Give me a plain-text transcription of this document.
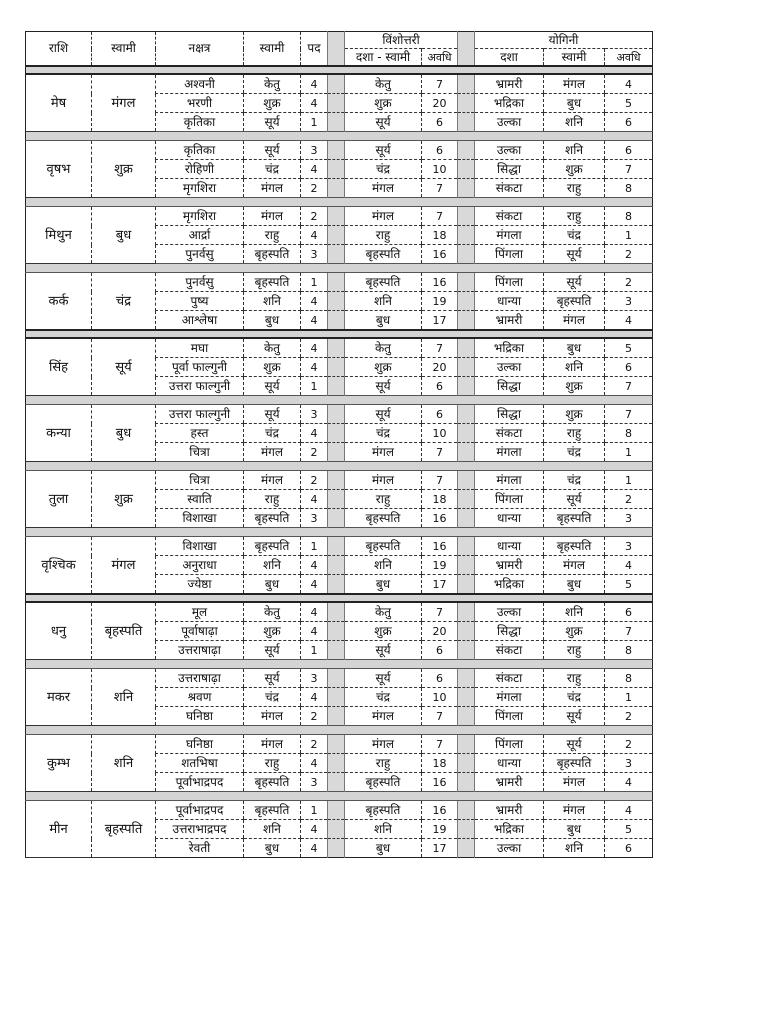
राशि	स्वामी	नक्षत्र	स्वामी	पद		विंशोत्तरी			योगिनी		
						दशा - स्वामी	अवधि		दशा	स्वामी	अवधि

मेष	मंगल	अश्वनी	केतु	4		केतु	7		भ्रामरी	मंगल	4
		भरणी	शुक्र	4		शुक्र	20		भद्रिका	बुध	5
		कृतिका	सूर्य	1		सूर्य	6		उल्का	शनि	6

वृषभ	शुक्र	कृतिका	सूर्य	3		सूर्य	6		उल्का	शनि	6
		रोहिणी	चंद्र	4		चंद्र	10		सिद्धा	शुक्र	7
		मृगशिरा	मंगल	2		मंगल	7		संकटा	राहु	8

मिथुन	बुध	मृगशिरा	मंगल	2		मंगल	7		संकटा	राहु	8
		आर्द्रा	राहु	4		राहु	18		मंगला	चंद्र	1
		पुनर्वसु	बृहस्पति	3		बृहस्पति	16		पिंगला	सूर्य	2

कर्क	चंद्र	पुनर्वसु	बृहस्पति	1		बृहस्पति	16		पिंगला	सूर्य	2
		पुष्य	शनि	4		शनि	19		धान्या	बृहस्पति	3
		आश्लेषा	बुध	4		बुध	17		भ्रामरी	मंगल	4

सिंह	सूर्य	मघा	केतु	4		केतु	7		भद्रिका	बुध	5
		पूर्वा फाल्गुनी	शुक्र	4		शुक्र	20		उल्का	शनि	6
		उत्तरा फाल्गुनी	सूर्य	1		सूर्य	6		सिद्धा	शुक्र	7

कन्या	बुध	उत्तरा फाल्गुनी	सूर्य	3		सूर्य	6		सिद्धा	शुक्र	7
		हस्त	चंद्र	4		चंद्र	10		संकटा	राहु	8
		चित्रा	मंगल	2		मंगल	7		मंगला	चंद्र	1

तुला	शुक्र	चित्रा	मंगल	2		मंगल	7		मंगला	चंद्र	1
		स्वाति	राहु	4		राहु	18		पिंगला	सूर्य	2
		विशाखा	बृहस्पति	3		बृहस्पति	16		धान्या	बृहस्पति	3

वृश्चिक	मंगल	विशाखा	बृहस्पति	1		बृहस्पति	16		धान्या	बृहस्पति	3
		अनुराधा	शनि	4		शनि	19		भ्रामरी	मंगल	4
		ज्येष्ठा	बुध	4		बुध	17		भद्रिका	बुध	5

धनु	बृहस्पति	मूल	केतु	4		केतु	7		उल्का	शनि	6
		पूर्वाषाढ़ा	शुक्र	4		शुक्र	20		सिद्धा	शुक्र	7
		उत्तराषाढ़ा	सूर्य	1		सूर्य	6		संकटा	राहु	8

मकर	शनि	उत्तराषाढ़ा	सूर्य	3		सूर्य	6		संकटा	राहु	8
		श्रवण	चंद्र	4		चंद्र	10		मंगला	चंद्र	1
		घनिष्ठा	मंगल	2		मंगल	7		पिंगला	सूर्य	2

कुम्भ	शनि	घनिष्ठा	मंगल	2		मंगल	7		पिंगला	सूर्य	2
		शतभिषा	राहु	4		राहु	18		धान्या	बृहस्पति	3
		पूर्वाभाद्रपद	बृहस्पति	3		बृहस्पति	16		भ्रामरी	मंगल	4

मीन	बृहस्पति	पूर्वाभाद्रपद	बृहस्पति	1		बृहस्पति	16		भ्रामरी	मंगल	4
		उत्तराभाद्रपद	शनि	4		शनि	19		भद्रिका	बुध	5
		रेवती	बुध	4		बुध	17		उल्का	शनि	6
